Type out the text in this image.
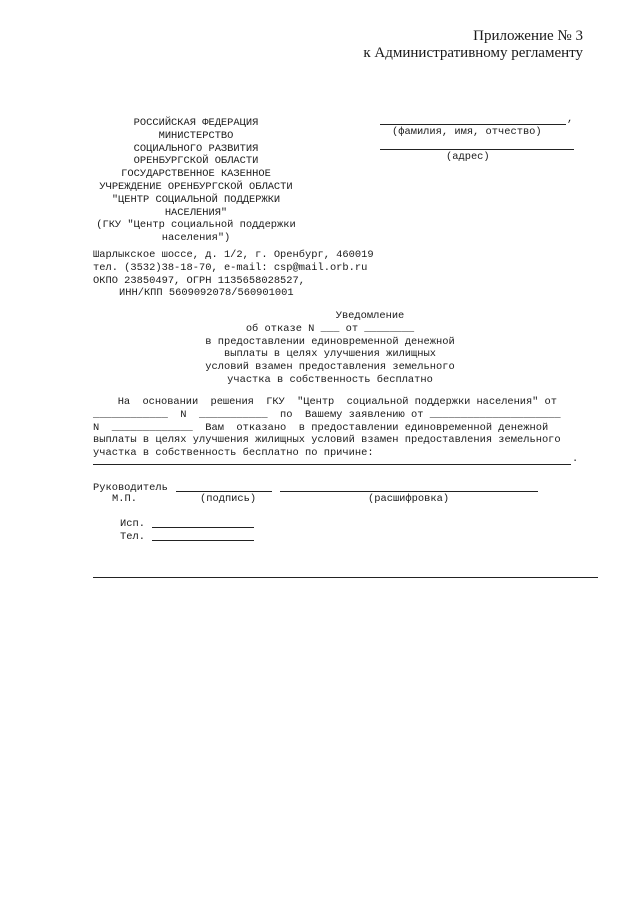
Приложение № 3
к Административному регламенту
РОССИЙСКАЯ ФЕДЕРАЦИЯ
МИНИСТЕРСТВО
СОЦИАЛЬНОГО РАЗВИТИЯ
ОРЕНБУРГСКОЙ ОБЛАСТИ
ГОСУДАРСТВЕННОЕ КАЗЕННОЕ
УЧРЕЖДЕНИЕ ОРЕНБУРГСКОЙ ОБЛАСТИ
"ЦЕНТР СОЦИАЛЬНОЙ ПОДДЕРЖКИ
НАСЕЛЕНИЯ"
(ГКУ "Центр социальной поддержки
населения")
,
(фамилия, имя, отчество)
(адрес)
Шарлыкское шоссе, д. 1/2, г. Оренбург, 460019
тел. (3532)38-18-70, e-mail: csp@mail.orb.ru
ОКПО 23850497, ОГРН 1135658028527,
ИНН/КПП 5609092078/560901001
Уведомление
об отказе N ___ от ________
в предоставлении единовременной денежной
выплаты в целях улучшения жилищных
условий взамен предоставления земельного
участка в собственность бесплатно
На  основании  решения  ГКУ  "Центр  социальной поддержки населения" от
____________  N  ___________  по  Вашему заявлению от _____________________
N  _____________  Вам  отказано  в предоставлении единовременной денежной
выплаты в целях улучшения жилищных условий взамен предоставления земельного
участка в собственность бесплатно по причине:	.
Руководитель
М.П.	(подпись)	(расшифровка)
Исп.
Тел.
